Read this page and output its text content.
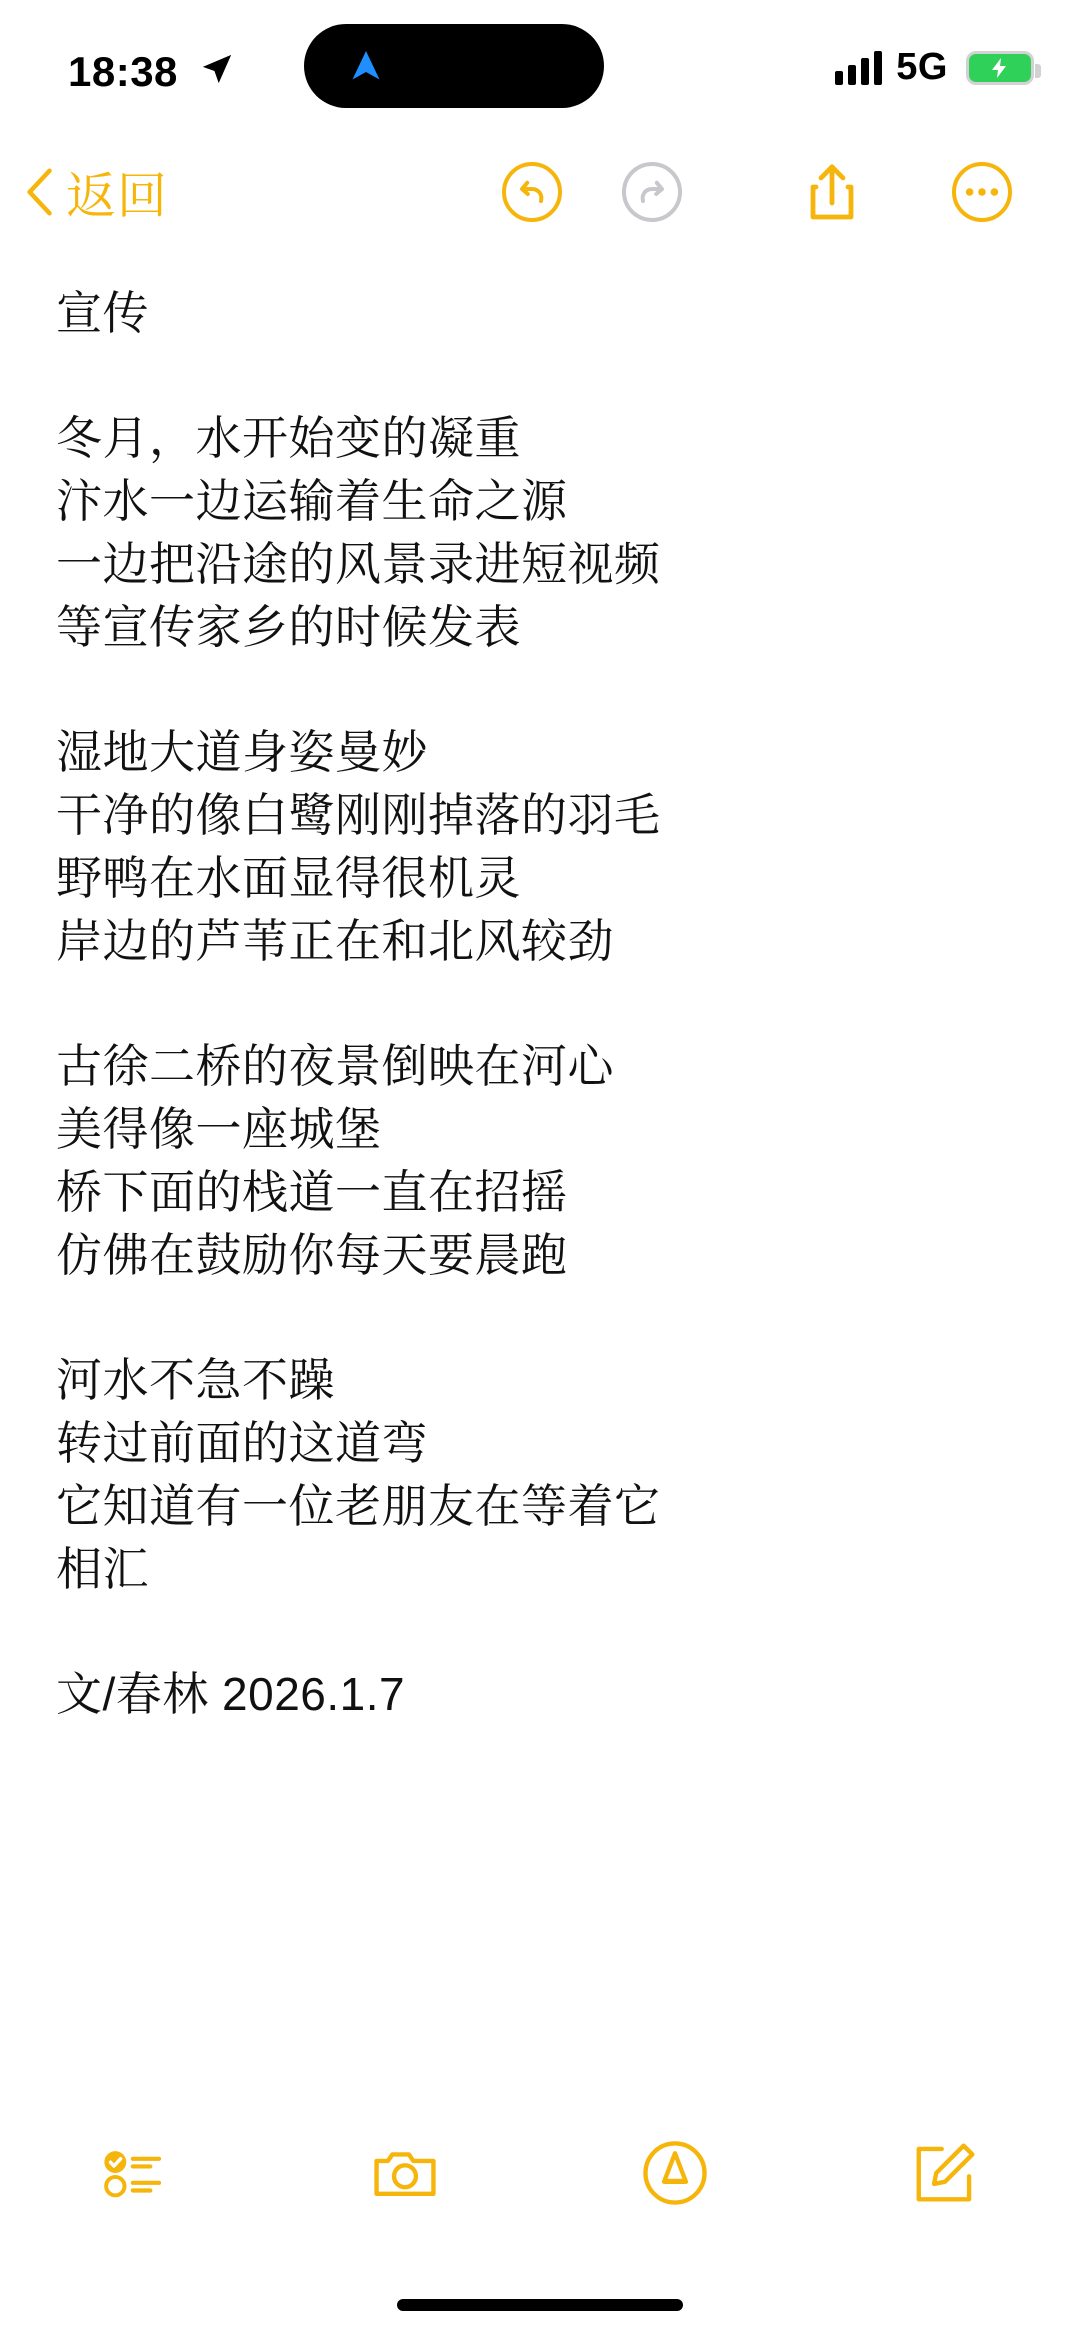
18:38	5G
返回

宣传

冬月，水开始变的凝重

汴水一边运输着生命之源

一边把沿途的风景录进短视频

等宣传家乡的时候发表

湿地大道身姿曼妙

干净的像白鹭刚刚掉落的羽毛

野鸭在水面显得很机灵

岸边的芦苇正在和北风较劲

古徐二桥的夜景倒映在河心

美得像一座城堡

桥下面的栈道一直在招摇

仿佛在鼓励你每天要晨跑

河水不急不躁

转过前面的这道弯

它知道有一位老朋友在等着它

相汇

文/春林 2026.1.7
